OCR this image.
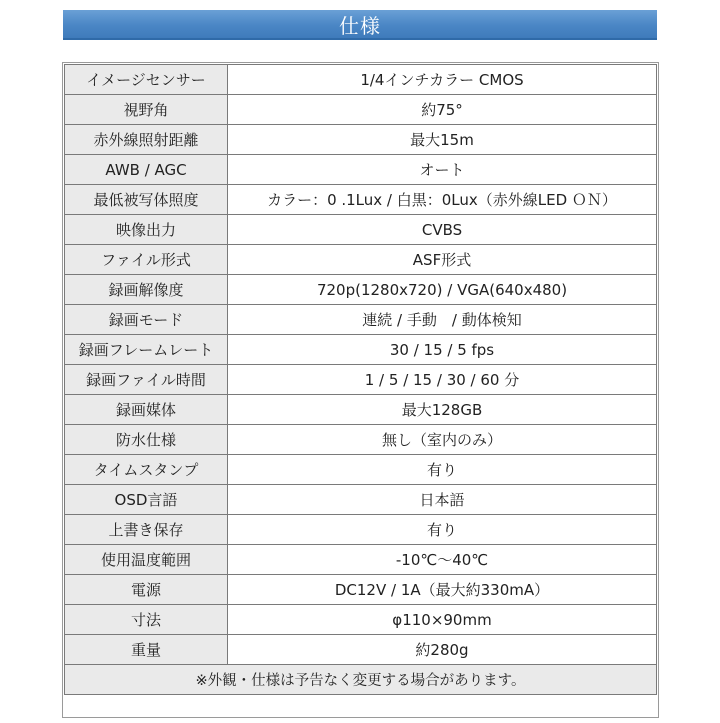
仕様
イメージセンサー	1/4インチカラー CMOS
視野角	約75°
赤外線照射距離	最大15m
AWB / AGC	オート
最低被写体照度	カラー：0 .1Lux / 白黒：0Lux（赤外線LED ＯＮ）
映像出力	CVBS
ファイル形式	ASF形式
録画解像度	720p(1280x720) / VGA(640x480)
録画モード	連続 / 手動　/ 動体検知
録画フレームレート	30 / 15 / 5 fps
録画ファイル時間	1 / 5 / 15 / 30 / 60 分
録画媒体	最大128GB
防水仕様	無し（室内のみ）
タイムスタンプ	有り
OSD言語	日本語
上書き保存	有り
使用温度範囲	-10℃～40℃
電源	DC12V / 1A（最大約330mA）
寸法	φ110×90mm
重量	約280g
※外観・仕様は予告なく変更する場合があります。	
